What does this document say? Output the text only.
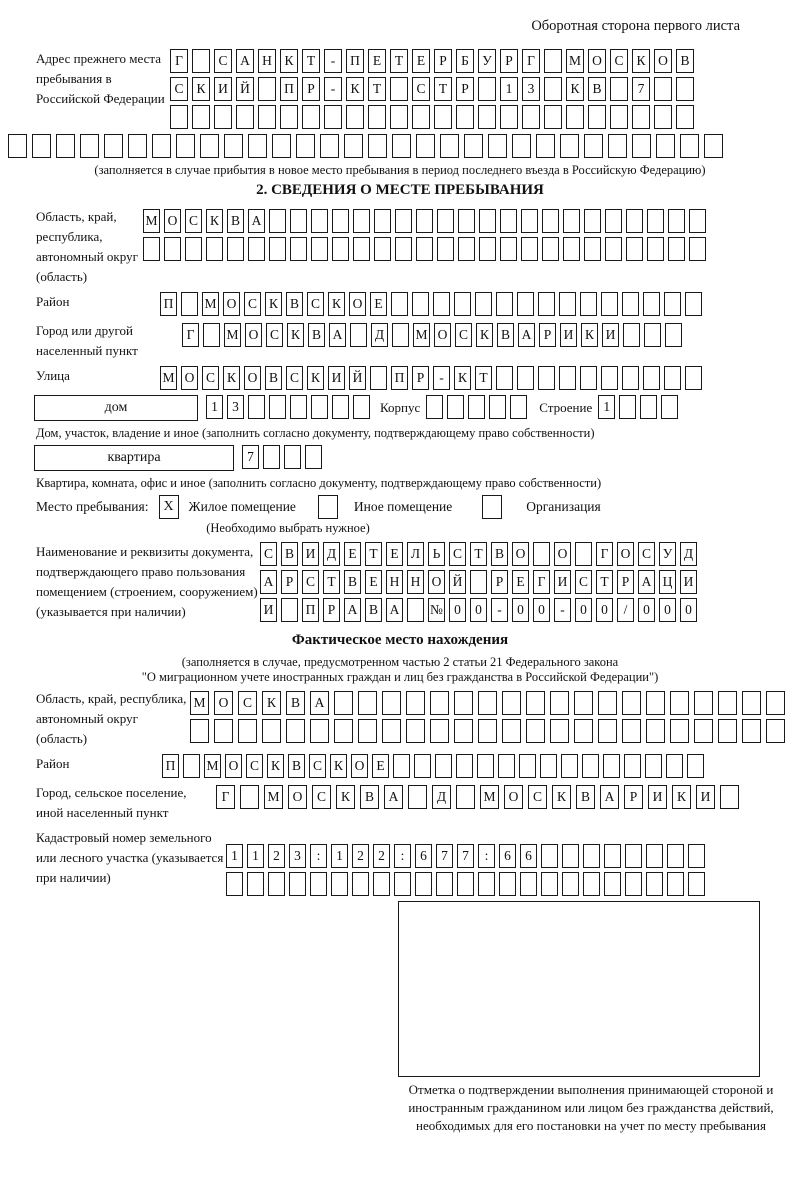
Оборотная сторона первого листа
Адрес прежнего места пребывания в Российской Федерации
Г	С А Н К Т	-	П Е	Т	Е	Р	Б У Р	Г	М О С К О В
С К И Й	П Р	-	К Т	С Т	Р	1	3	К В	7
(заполняется в случае прибытия в новое место пребывания в период последнего въезда в Российскую Федерацию)
2. СВЕДЕНИЯ О МЕСТЕ ПРЕБЫВАНИЯ
Область, край, республика, автономный округ (область)
М О С К В А
Район	П М О С К В С К О Е
Город или другой населенный пункт
Г	М О С К В А Д М О С К В А Р И К И
Улица	М О С К О В С К И Й П Р	-	К Т
дом	1	3	Корпус	Строение 1
Дом, участок, владение и иное (заполнить согласно документу, подтверждающему право собственности)
квартира	7
Квартира, комната, офис и иное (заполнить согласно документу, подтверждающему право собственности)
Место пребывания:	X	Жилое помещение	Иное помещение	Организация
(Необходимо выбрать нужное)
Наименование и реквизиты документа, подтверждающего право пользования помещением (строением, сооружением) (указывается при наличии)
С В И Д Е Т Е Л Ь С Т В О О	Г О С У Д
А Р С Т В Е Н Н О Й	Р Е Г И С Т Р А Ц И
И П Р А В А № 0	0	-	0	0	-	0	0	/	0	0	0
Фактическое место нахождения
(заполняется в случае, предусмотренном частью 2 статьи 21 Федерального закона
"О миграционном учете иностранных граждан и лиц без гражданства в Российской Федерации")
Область, край, республика, автономный округ (область)
М О	С	К	В	А
Район	П М О С К В С К О Е
Город, сельское поселение, иной населенный пункт
Г	М О	С	К	В	А	Д	М О	С	К	В	А	Р	И	К	И
Кадастровый номер земельного или лесного участка (указывается при наличии)
1	1	2	3	:	1	2	2	:	6	7	7	:	6	6
Отметка о подтверждении выполнения принимающей стороной и иностранным гражданином или лицом без гражданства действий, необходимых для его постановки на учет по месту пребывания
